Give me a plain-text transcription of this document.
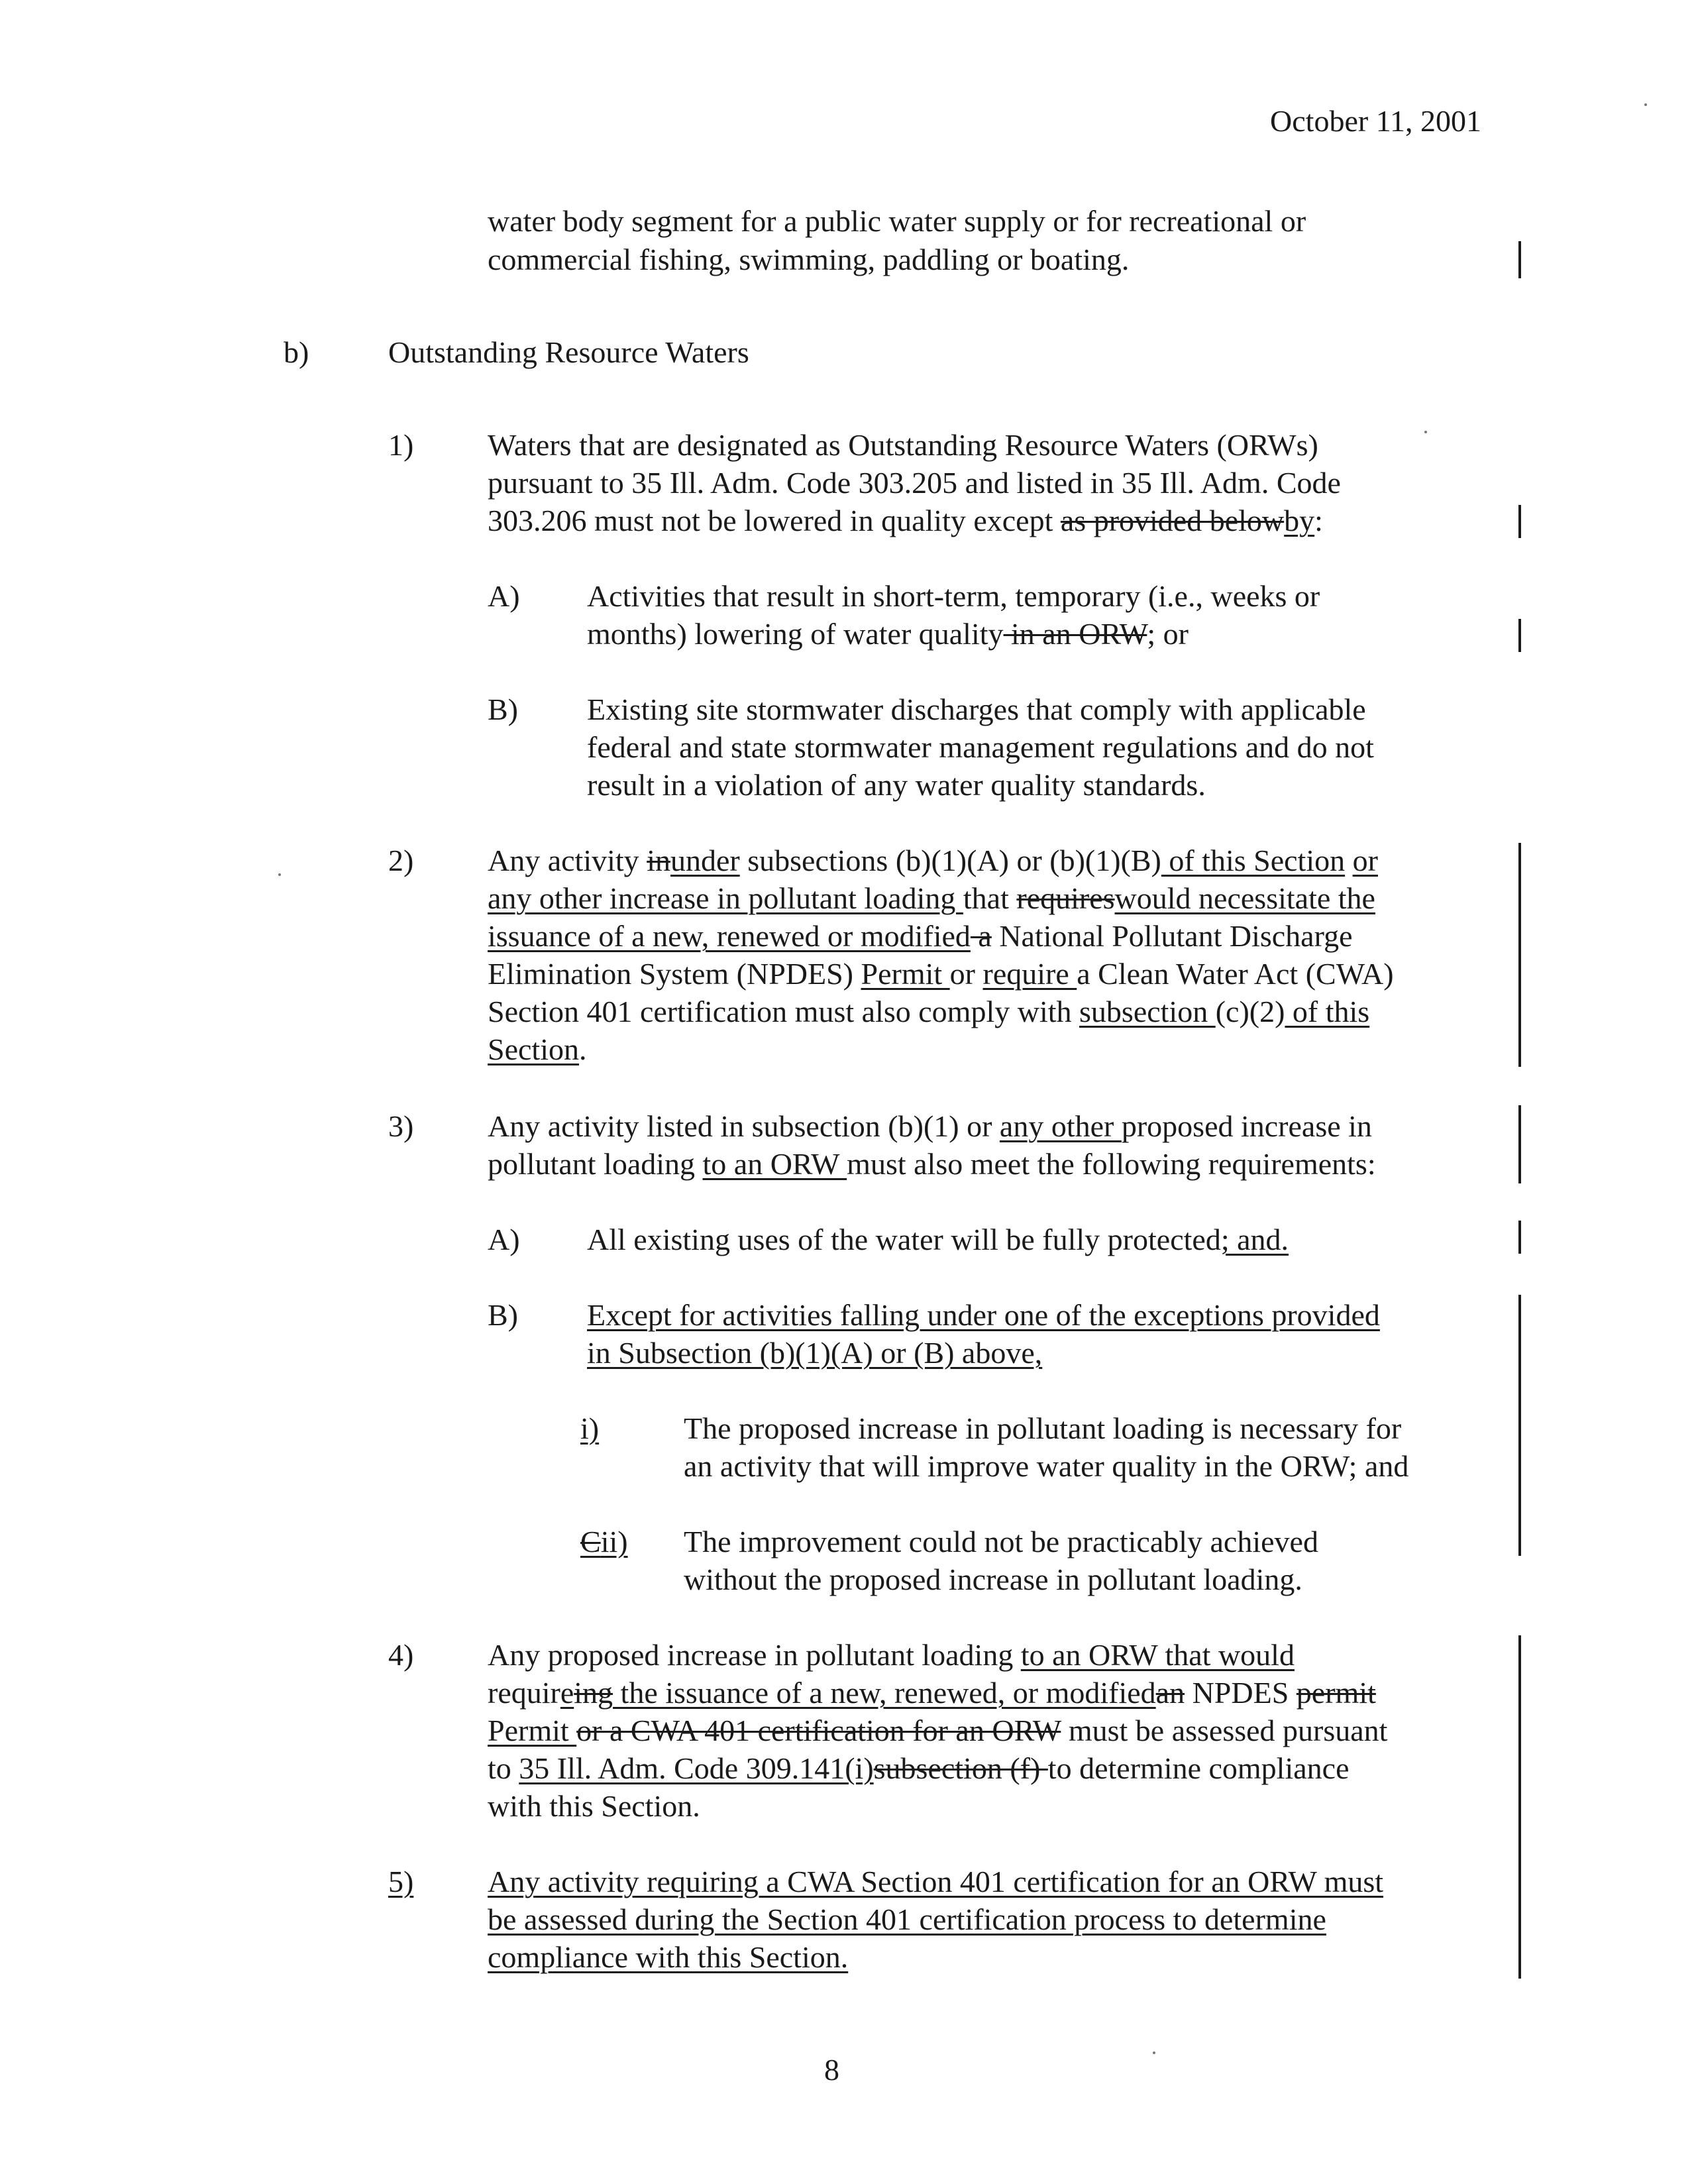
October 11, 2001
water body segment for a public water supply or for recreational or
commercial fishing, swimming, paddling or boating.
b)	Outstanding Resource Waters
1) Waters that are designated as Outstanding Resource Waters (ORWs)
pursuant to 35 Ill. Adm. Code 303.205 and listed in 35 Ill. Adm. Code
303.206 must not be lowered in quality except as provided belowby:
A) Activities that result in short-term, temporary (i.e., weeks or
months) lowering of water quality in an ORW; or
B) Existing site stormwater discharges that comply with applicable
federal and state stormwater management regulations and do not
result in a violation of any water quality standards.
2) Any activity inunder subsections (b)(1)(A) or (b)(1)(B) of this Section or
any other increase in pollutant loading that requireswould necessitate the
issuance of a new, renewed or modified a National Pollutant Discharge
Elimination System (NPDES) Permit or require a Clean Water Act (CWA)
Section 401 certification must also comply with subsection (c)(2) of this
Section.
3) Any activity listed in subsection (b)(1) or any other proposed increase in
pollutant loading to an ORW must also meet the following requirements:
A) All existing uses of the water will be fully protected; and.
B) Except for activities falling under one of the exceptions provided
in Subsection (b)(1)(A) or (B) above,
i)	The proposed increase in pollutant loading is necessary for
an activity that will improve water quality in the ORW; and
Cii)	The improvement could not be practicably achieved
without the proposed increase in pollutant loading.
4) Any proposed increase in pollutant loading to an ORW that would
requireing the issuance of a new, renewed, or modifiedan NPDES permit
Permit or a CWA 401 certification for an ORW must be assessed pursuant
to 35 Ill. Adm. Code 309.141(i)subsection (f) to determine compliance
with this Section.
5)	Any activity requiring a CWA Section 401 certification for an ORW must
be assessed during the Section 401 certification process to determine
compliance with this Section.
8
